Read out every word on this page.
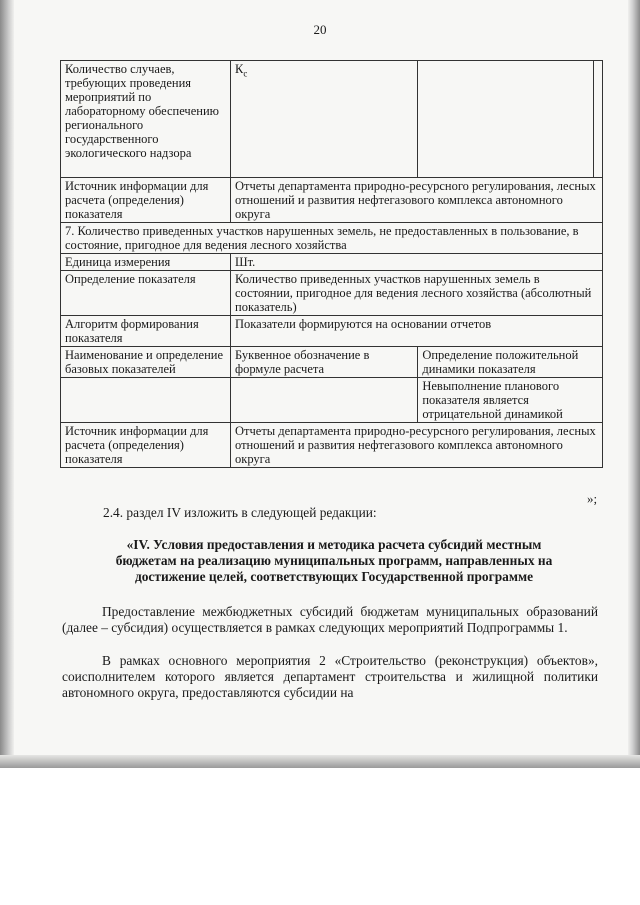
20
Количество случаев, требующих проведения мероприятий по лабораторному обеспечению регионального государственного экологического надзора	$К_с$		
Источник информации для расчета (определения) показателя	Отчеты департамента природно-ресурсного регулирования, лесных отношений и развития нефтегазового комплекса автономного округа		
7. Количество приведенных участков нарушенных земель, не предоставленных в пользование, в состояние, пригодное для ведения лесного хозяйства			
Единица измерения	Шт.		
Определение показателя	Количество приведенных участков нарушенных земель в состоянии, пригодное для ведения лесного хозяйства (абсолютный показатель)		
Алгоритм формирования показателя	Показатели формируются на основании отчетов		
Наименование и определение базовых показателей	Буквенное обозначение в формуле расчета	Определение положительной динамики показателя	
		Невыполнение планового показателя является отрицательной динамикой	
Источник информации для расчета (определения) показателя	Отчеты департамента природно-ресурсного регулирования, лесных отношений и развития нефтегазового комплекса автономного округа		
»;
2.4. раздел IV изложить в следующей редакции:
«IV. Условия предоставления и методика расчета субсидий местным бюджетам на реализацию муниципальных программ, направленных на достижение целей, соответствующих Государственной программе
Предоставление межбюджетных субсидий бюджетам муниципальных образований (далее – субсидия) осуществляется в рамках следующих мероприятий Подпрограммы 1.
В рамках основного мероприятия 2 «Строительство (реконструкция) объектов», соисполнителем которого является департамент строительства и жилищной политики автономного округа, предоставляются субсидии на
